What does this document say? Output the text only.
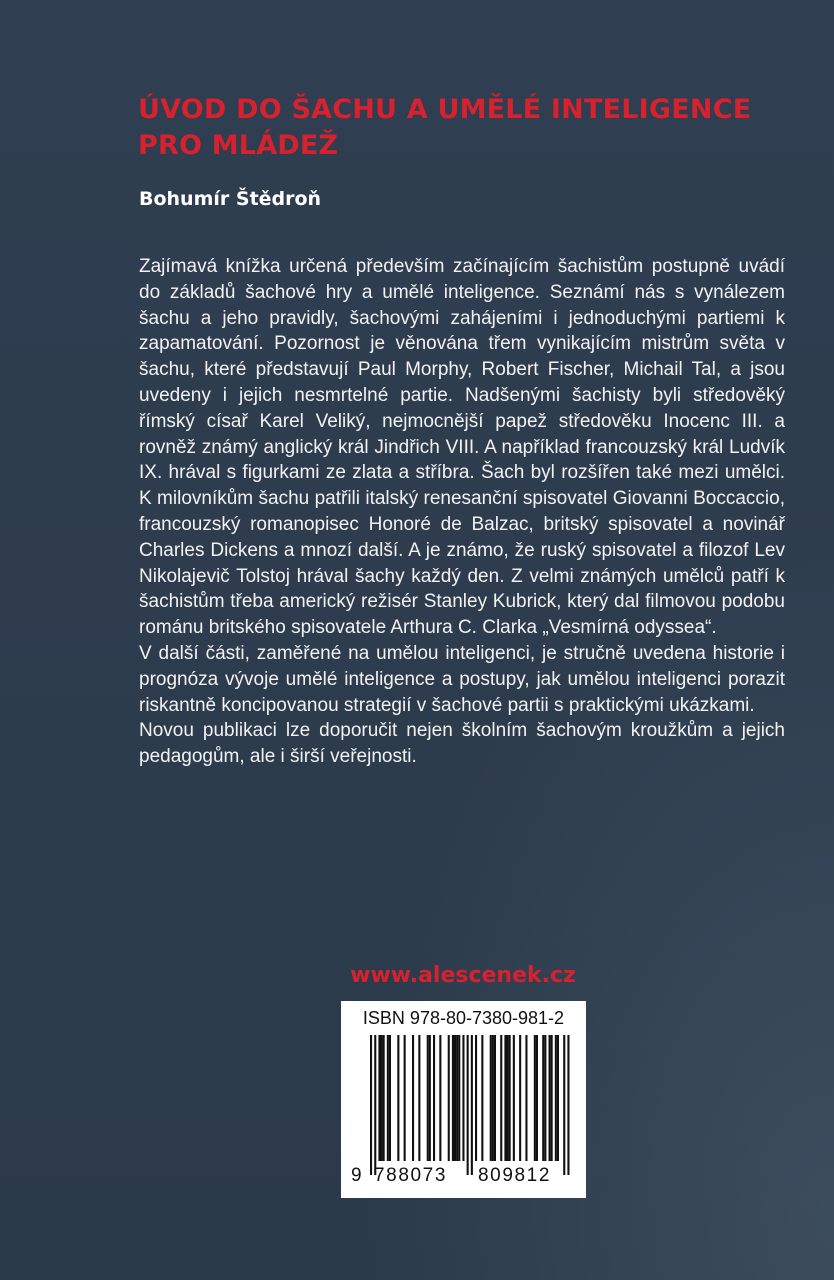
ÚVOD DO ŠACHU A UMĚLÉ INTELIGENCE
PRO MLÁDEŽ

Bohumír Štědroň

Zajímavá knížka určená především začínajícím šachistům postupně uvádí do základů šachové hry a umělé inteligence. Seznámí nás s vynálezem šachu a jeho pravidly, šachovými zahájeními i jednoduchými partiemi k zapamatování. Pozornost je věnována třem vynikajícím mistrům světa v šachu, které představují Paul Morphy, Robert Fischer, Michail Tal, a jsou uvedeny i jejich nesmrtelné partie. Nadšenými šachisty byli středověký římský císař Karel Veliký, nejmocnější papež středověku Inocenc III. a rovněž známý anglický král Jindřich VIII. A například francouzský král Ludvík IX. hrával s figurkami ze zlata a stříbra. Šach byl rozšířen také mezi umělci. K milovníkům šachu patřili italský renesanční spisovatel Giovanni Boccaccio, francouzský romanopisec Honoré de Balzac, britský spisovatel a novinář Charles Dickens a mnozí další. A je známo, že ruský spisovatel a filozof Lev Nikolajevič Tolstoj hrával šachy každý den. Z velmi známých umělců patří k šachistům třeba americký režisér Stanley Kubrick, který dal filmovou podobu románu britského spisovatele Arthura C. Clarka „Vesmírná odyssea“.

V další části, zaměřené na umělou inteligenci, je stručně uvedena historie i prognóza vývoje umělé inteligence a postupy, jak umělou inteligenci porazit riskantně koncipovanou strategií v šachové partii s praktickými ukázkami.

Novou publikaci lze doporučit nejen školním šachovým kroužkům a jejich pedagogům, ale i širší veřejnosti.

www.alescenek.cz

ISBN 978-80-7380-981-2
9 788073 809812
